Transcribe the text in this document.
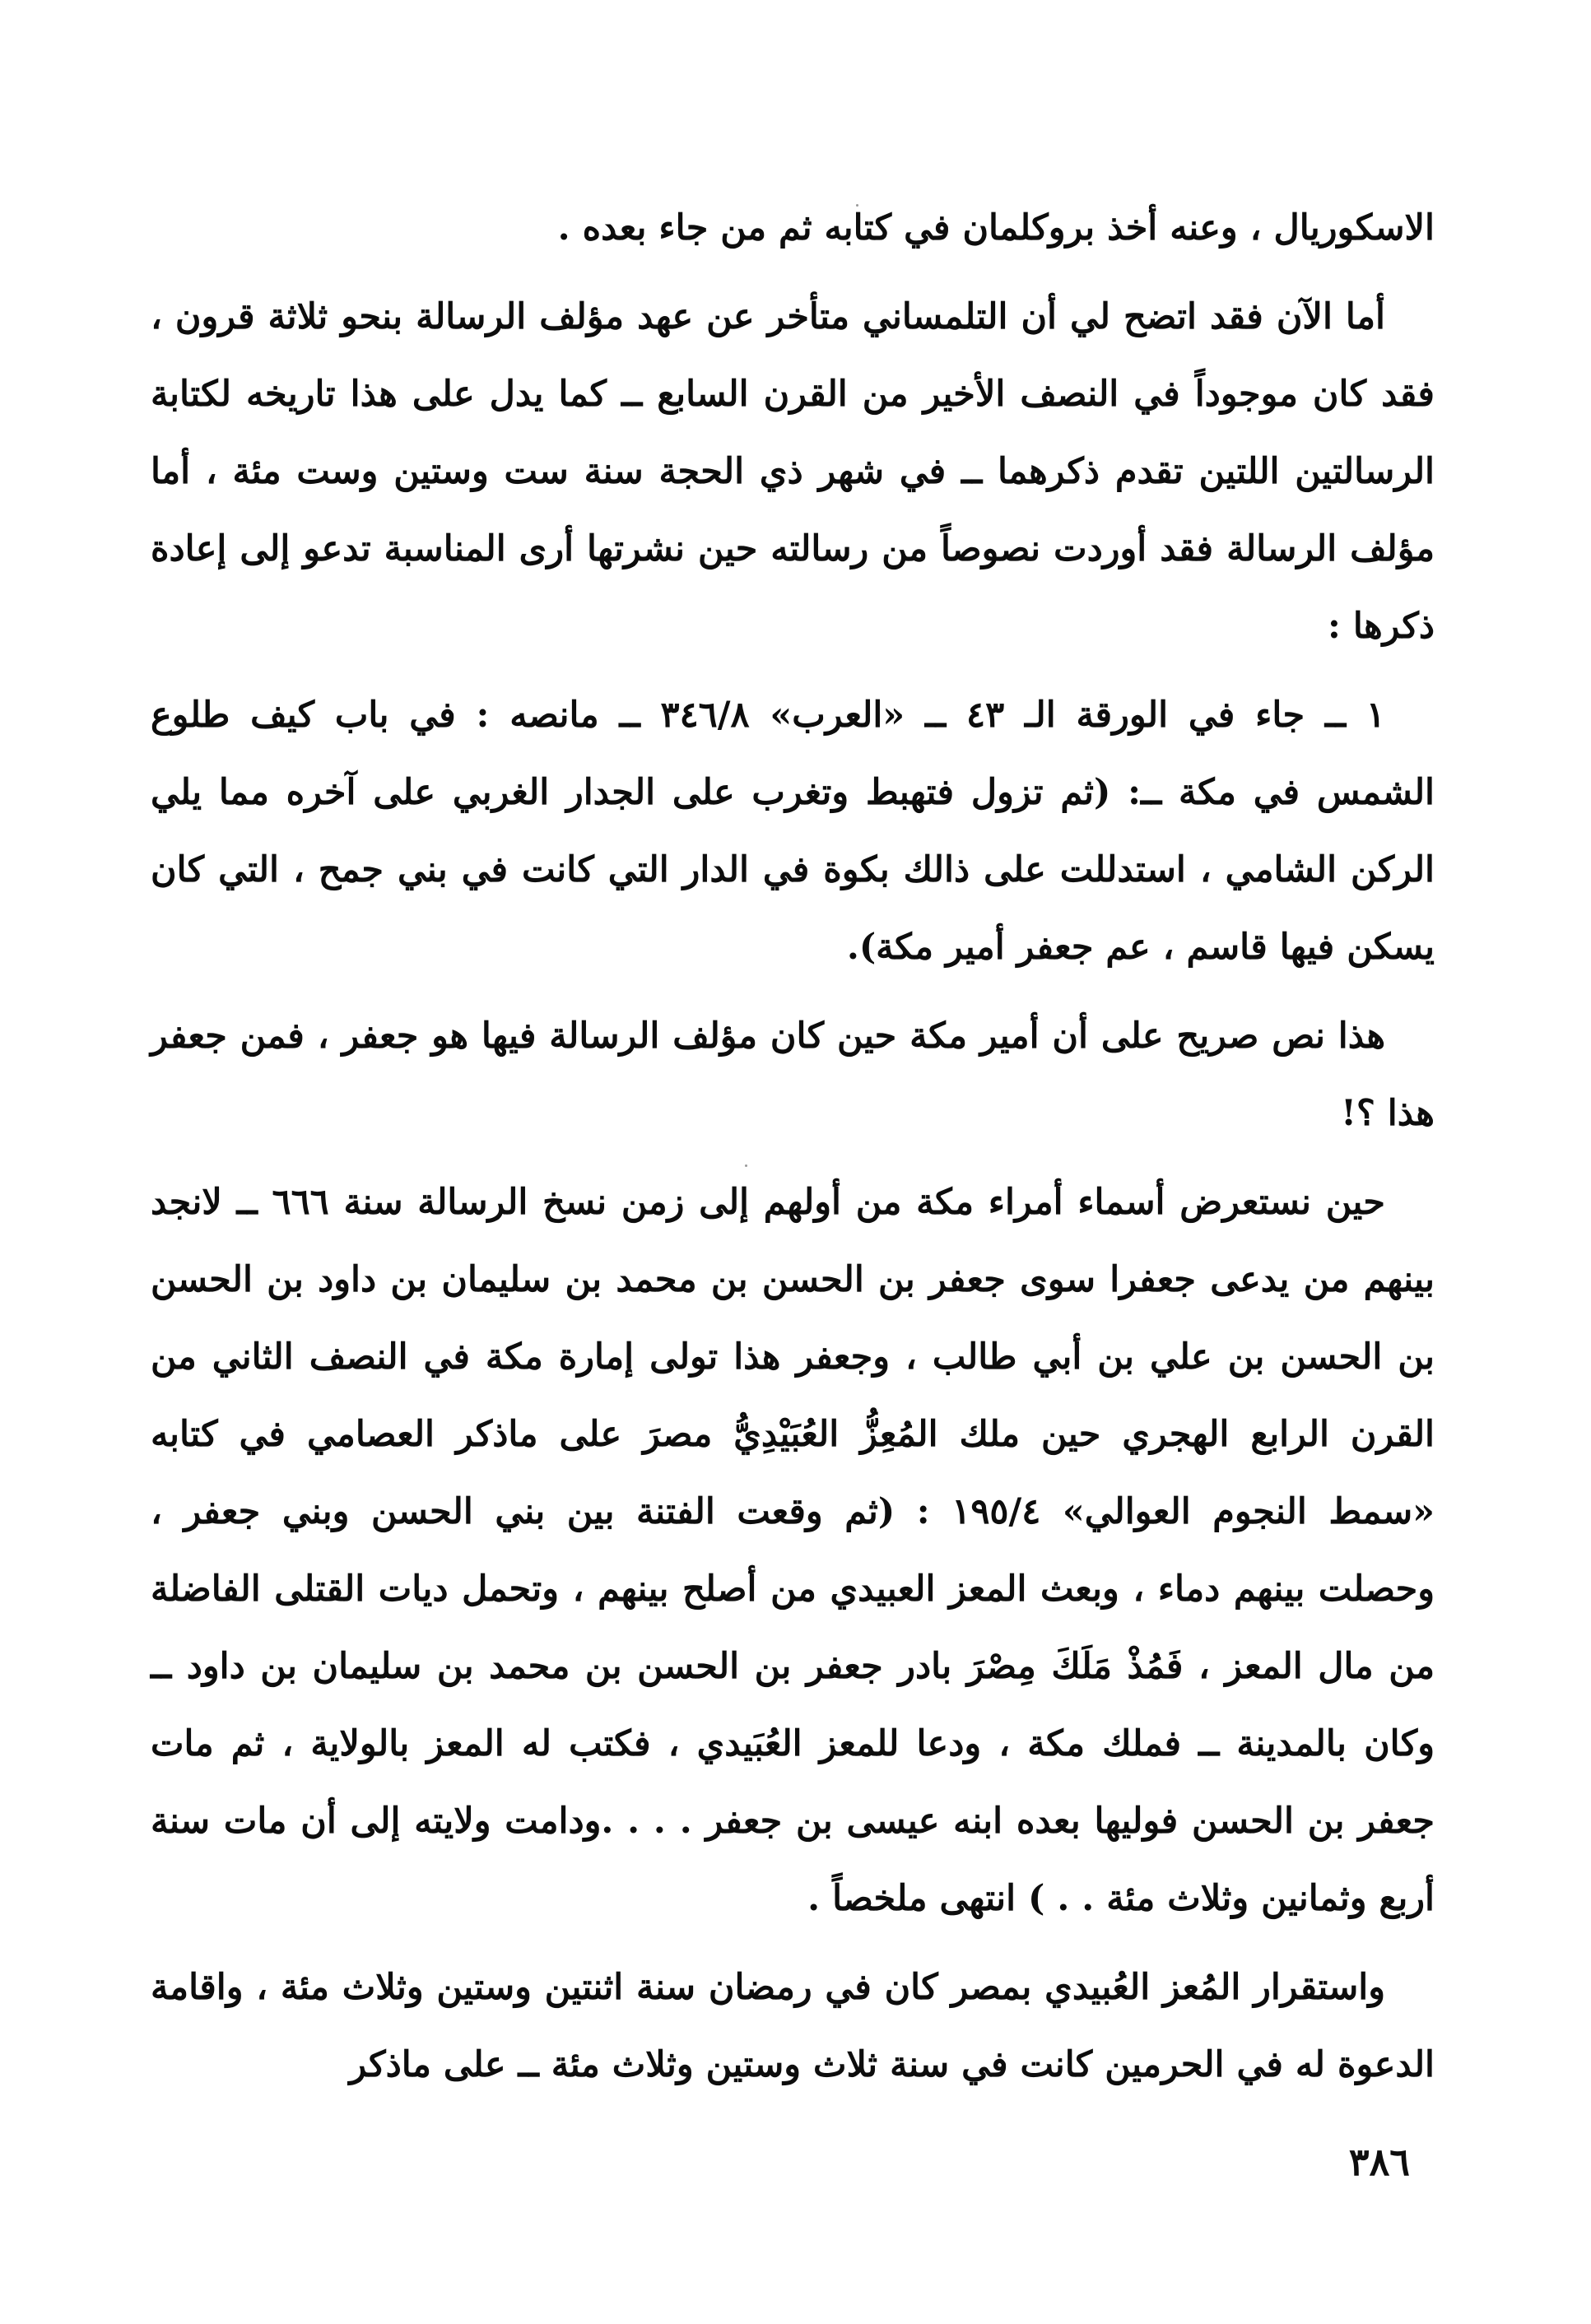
الاسكوريال ، وعنه أخذ بروكلمان في كتابه ثم من جاء بعده .

أما الآن فقد اتضح لي أن التلمساني متأخر عن عهد مؤلف الرسالة بنحو ثلاثة قرون ، فقد كان موجوداً في النصف الأخير من القرن السابع ــ كما يدل على هذا تاريخه لكتابة الرسالتين اللتين تقدم ذكرهما ــ في شهر ذي الحجة سنة ست وستين وست مئة ، أما مؤلف الرسالة فقد أوردت نصوصاً من رسالته حين نشرتها أرى المناسبة تدعو إلى إعادة ذكرها :

١ ــ جاء في الورقة الـ ٤٣ ــ «العرب» ٣٤٦/٨ ــ مانصه : في باب كيف طلوع الشمس في مكة ــ: (ثم تزول فتهبط وتغرب على الجدار الغربي على آخره مما يلي الركن الشامي ، استدللت على ذالك بكوة في الدار التي كانت في بني جمح ، التي كان يسكن فيها قاسم ، عم جعفر أمير مكة).

هذا نص صريح على أن أمير مكة حين كان مؤلف الرسالة فيها هو جعفر ، فمن جعفر هذا ؟!

حين نستعرض أسماء أمراء مكة من أولهم إلى زمن نسخ الرسالة سنة ٦٦٦ ــ لانجد بينهم من يدعى جعفرا سوى جعفر بن الحسن بن محمد بن سليمان بن داود بن الحسن بن الحسن بن علي بن أبي طالب ، وجعفر هذا تولى إمارة مكة في النصف الثاني من القرن الرابع الهجري حين ملك المُعِزُّ العُبَيْدِيُّ مصرَ على ماذكر العصامي في كتابه «سمط النجوم العوالي» ١٩٥/٤ : (ثم وقعت الفتنة بين بني الحسن وبني جعفر ، وحصلت بينهم دماء ، وبعث المعز العبيدي من أصلح بينهم ، وتحمل ديات القتلى الفاضلة من مال المعز ، فَمُذْ مَلَكَ مِصْرَ بادر جعفر بن الحسن بن محمد بن سليمان بن داود ــ وكان بالمدينة ــ فملك مكة ، ودعا للمعز العُبَيدي ، فكتب له المعز بالولاية ، ثم مات جعفر بن الحسن فوليها بعده ابنه عيسى بن جعفر . . . .ودامت ولايته إلى أن مات سنة أربع وثمانين وثلاث مئة . . ) انتهى ملخصاً .

واستقرار المُعز العُبيدي بمصر كان في رمضان سنة اثنتين وستين وثلاث مئة ، واقامة الدعوة له في الحرمين كانت في سنة ثلاث وستين وثلاث مئة ــ على ماذكر

٣٨٦
